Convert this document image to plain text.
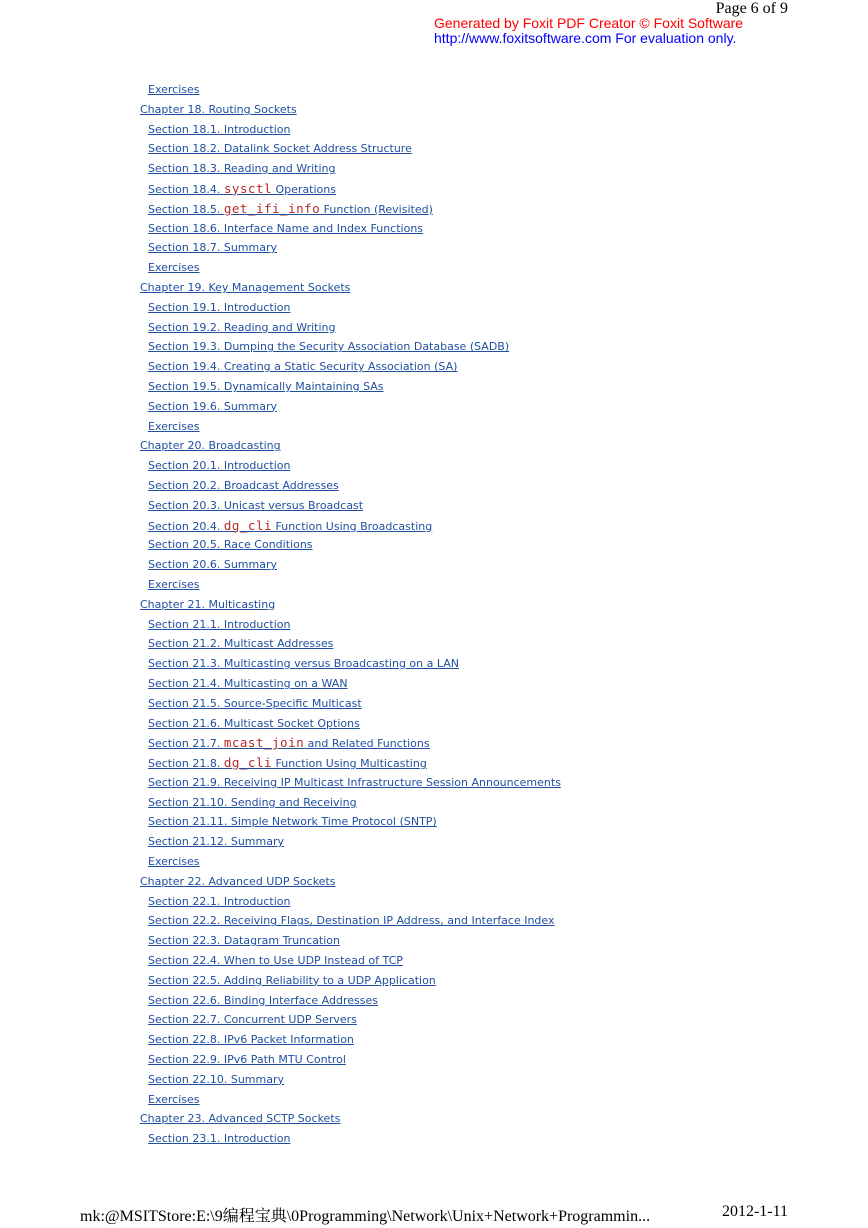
Page 6 of 9
Generated by Foxit PDF Creator © Foxit Software
http://www.foxitsoftware.com For evaluation only.
Exercises
Chapter 18. Routing Sockets
Section 18.1. Introduction
Section 18.2. Datalink Socket Address Structure
Section 18.3. Reading and Writing
Section 18.4. sysctl Operations
Section 18.5. get_ifi_info Function (Revisited)
Section 18.6. Interface Name and Index Functions
Section 18.7. Summary
Exercises
Chapter 19. Key Management Sockets
Section 19.1. Introduction
Section 19.2. Reading and Writing
Section 19.3. Dumping the Security Association Database (SADB)
Section 19.4. Creating a Static Security Association (SA)
Section 19.5. Dynamically Maintaining SAs
Section 19.6. Summary
Exercises
Chapter 20. Broadcasting
Section 20.1. Introduction
Section 20.2. Broadcast Addresses
Section 20.3. Unicast versus Broadcast
Section 20.4. dg_cli Function Using Broadcasting
Section 20.5. Race Conditions
Section 20.6. Summary
Exercises
Chapter 21. Multicasting
Section 21.1. Introduction
Section 21.2. Multicast Addresses
Section 21.3. Multicasting versus Broadcasting on a LAN
Section 21.4. Multicasting on a WAN
Section 21.5. Source-Specific Multicast
Section 21.6. Multicast Socket Options
Section 21.7. mcast_join and Related Functions
Section 21.8. dg_cli Function Using Multicasting
Section 21.9. Receiving IP Multicast Infrastructure Session Announcements
Section 21.10. Sending and Receiving
Section 21.11. Simple Network Time Protocol (SNTP)
Section 21.12. Summary
Exercises
Chapter 22. Advanced UDP Sockets
Section 22.1. Introduction
Section 22.2. Receiving Flags, Destination IP Address, and Interface Index
Section 22.3. Datagram Truncation
Section 22.4. When to Use UDP Instead of TCP
Section 22.5. Adding Reliability to a UDP Application
Section 22.6. Binding Interface Addresses
Section 22.7. Concurrent UDP Servers
Section 22.8. IPv6 Packet Information
Section 22.9. IPv6 Path MTU Control
Section 22.10. Summary
Exercises
Chapter 23. Advanced SCTP Sockets
Section 23.1. Introduction
mk:@MSITStore:E:\9编程宝典\0Programming\Network\Unix+Network+Programmin...	2012-1-11
